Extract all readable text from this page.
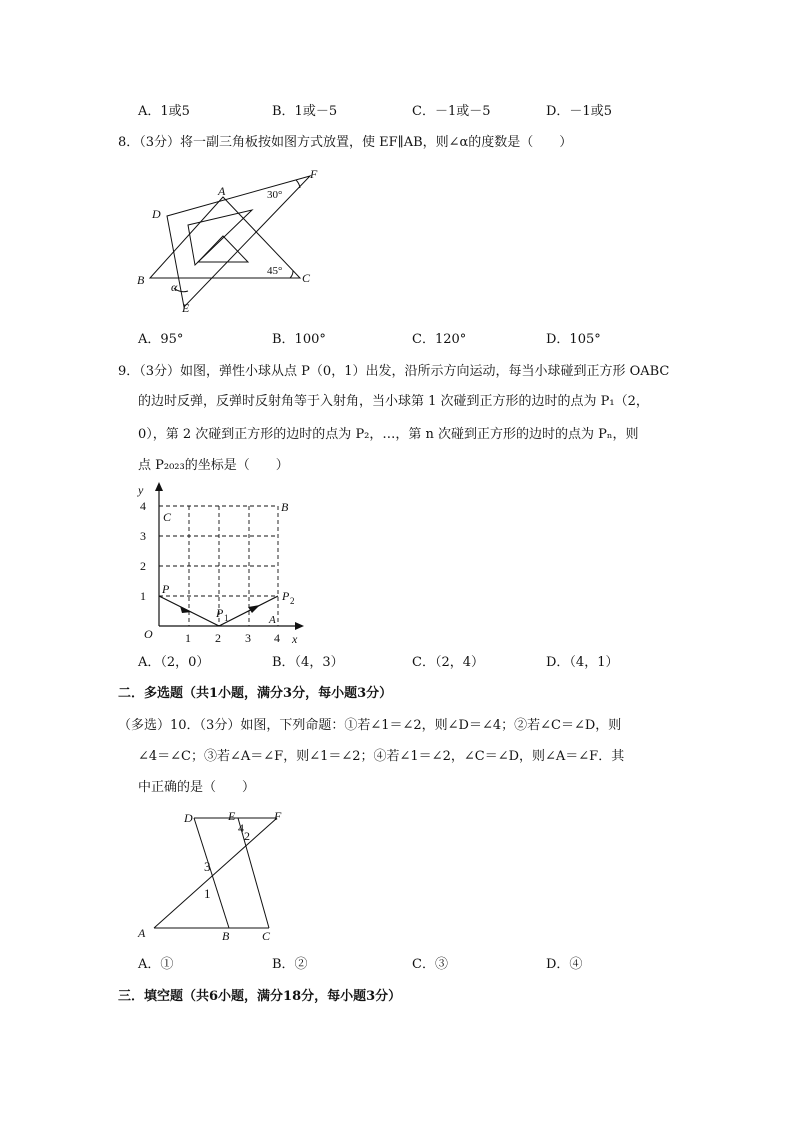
A．1或5	B．1或－5	C．－1或－5	D．－1或5
8．（3分）将一副三角板按如图方式放置，使 EF∥AB，则∠α的度数是（　　）
A
B	C
D
E
F
α
30°
45°
A．95°	B．100°	C．120°	D．105°
9．（3分）如图，弹性小球从点 P（0，1）出发，沿所示方向运动，每当小球碰到正方形 OABC
的边时反弹，反弹时反射角等于入射角，当小球第 1 次碰到正方形的边时的点为 P₁（2，
0），第 2 次碰到正方形的边时的点为 P₂，…，第 n 次碰到正方形的边时的点为 Pₙ，则
点 P₂₀₂₃的坐标是（　　）
y
x
O
4
3
2
1
1 2 3 4
C
B
A
P
P 1
P 2
A．（2，0）	B．（4，3）	C．（2，4）	D．（4，1）
二．多选题（共1小题，满分3分，每小题3分）
（多选）10．（3分）如图，下列命题：①若∠1＝∠2，则∠D＝∠4；②若∠C＝∠D，则
∠4＝∠C；③若∠A＝∠F，则∠1＝∠2；④若∠1＝∠2，∠C＝∠D，则∠A＝∠F．其
中正确的是（　　）
D	E	F
A	B	C
3
1
4
2
A．①	B．②	C．③	D．④
三．填空题（共6小题，满分18分，每小题3分）
